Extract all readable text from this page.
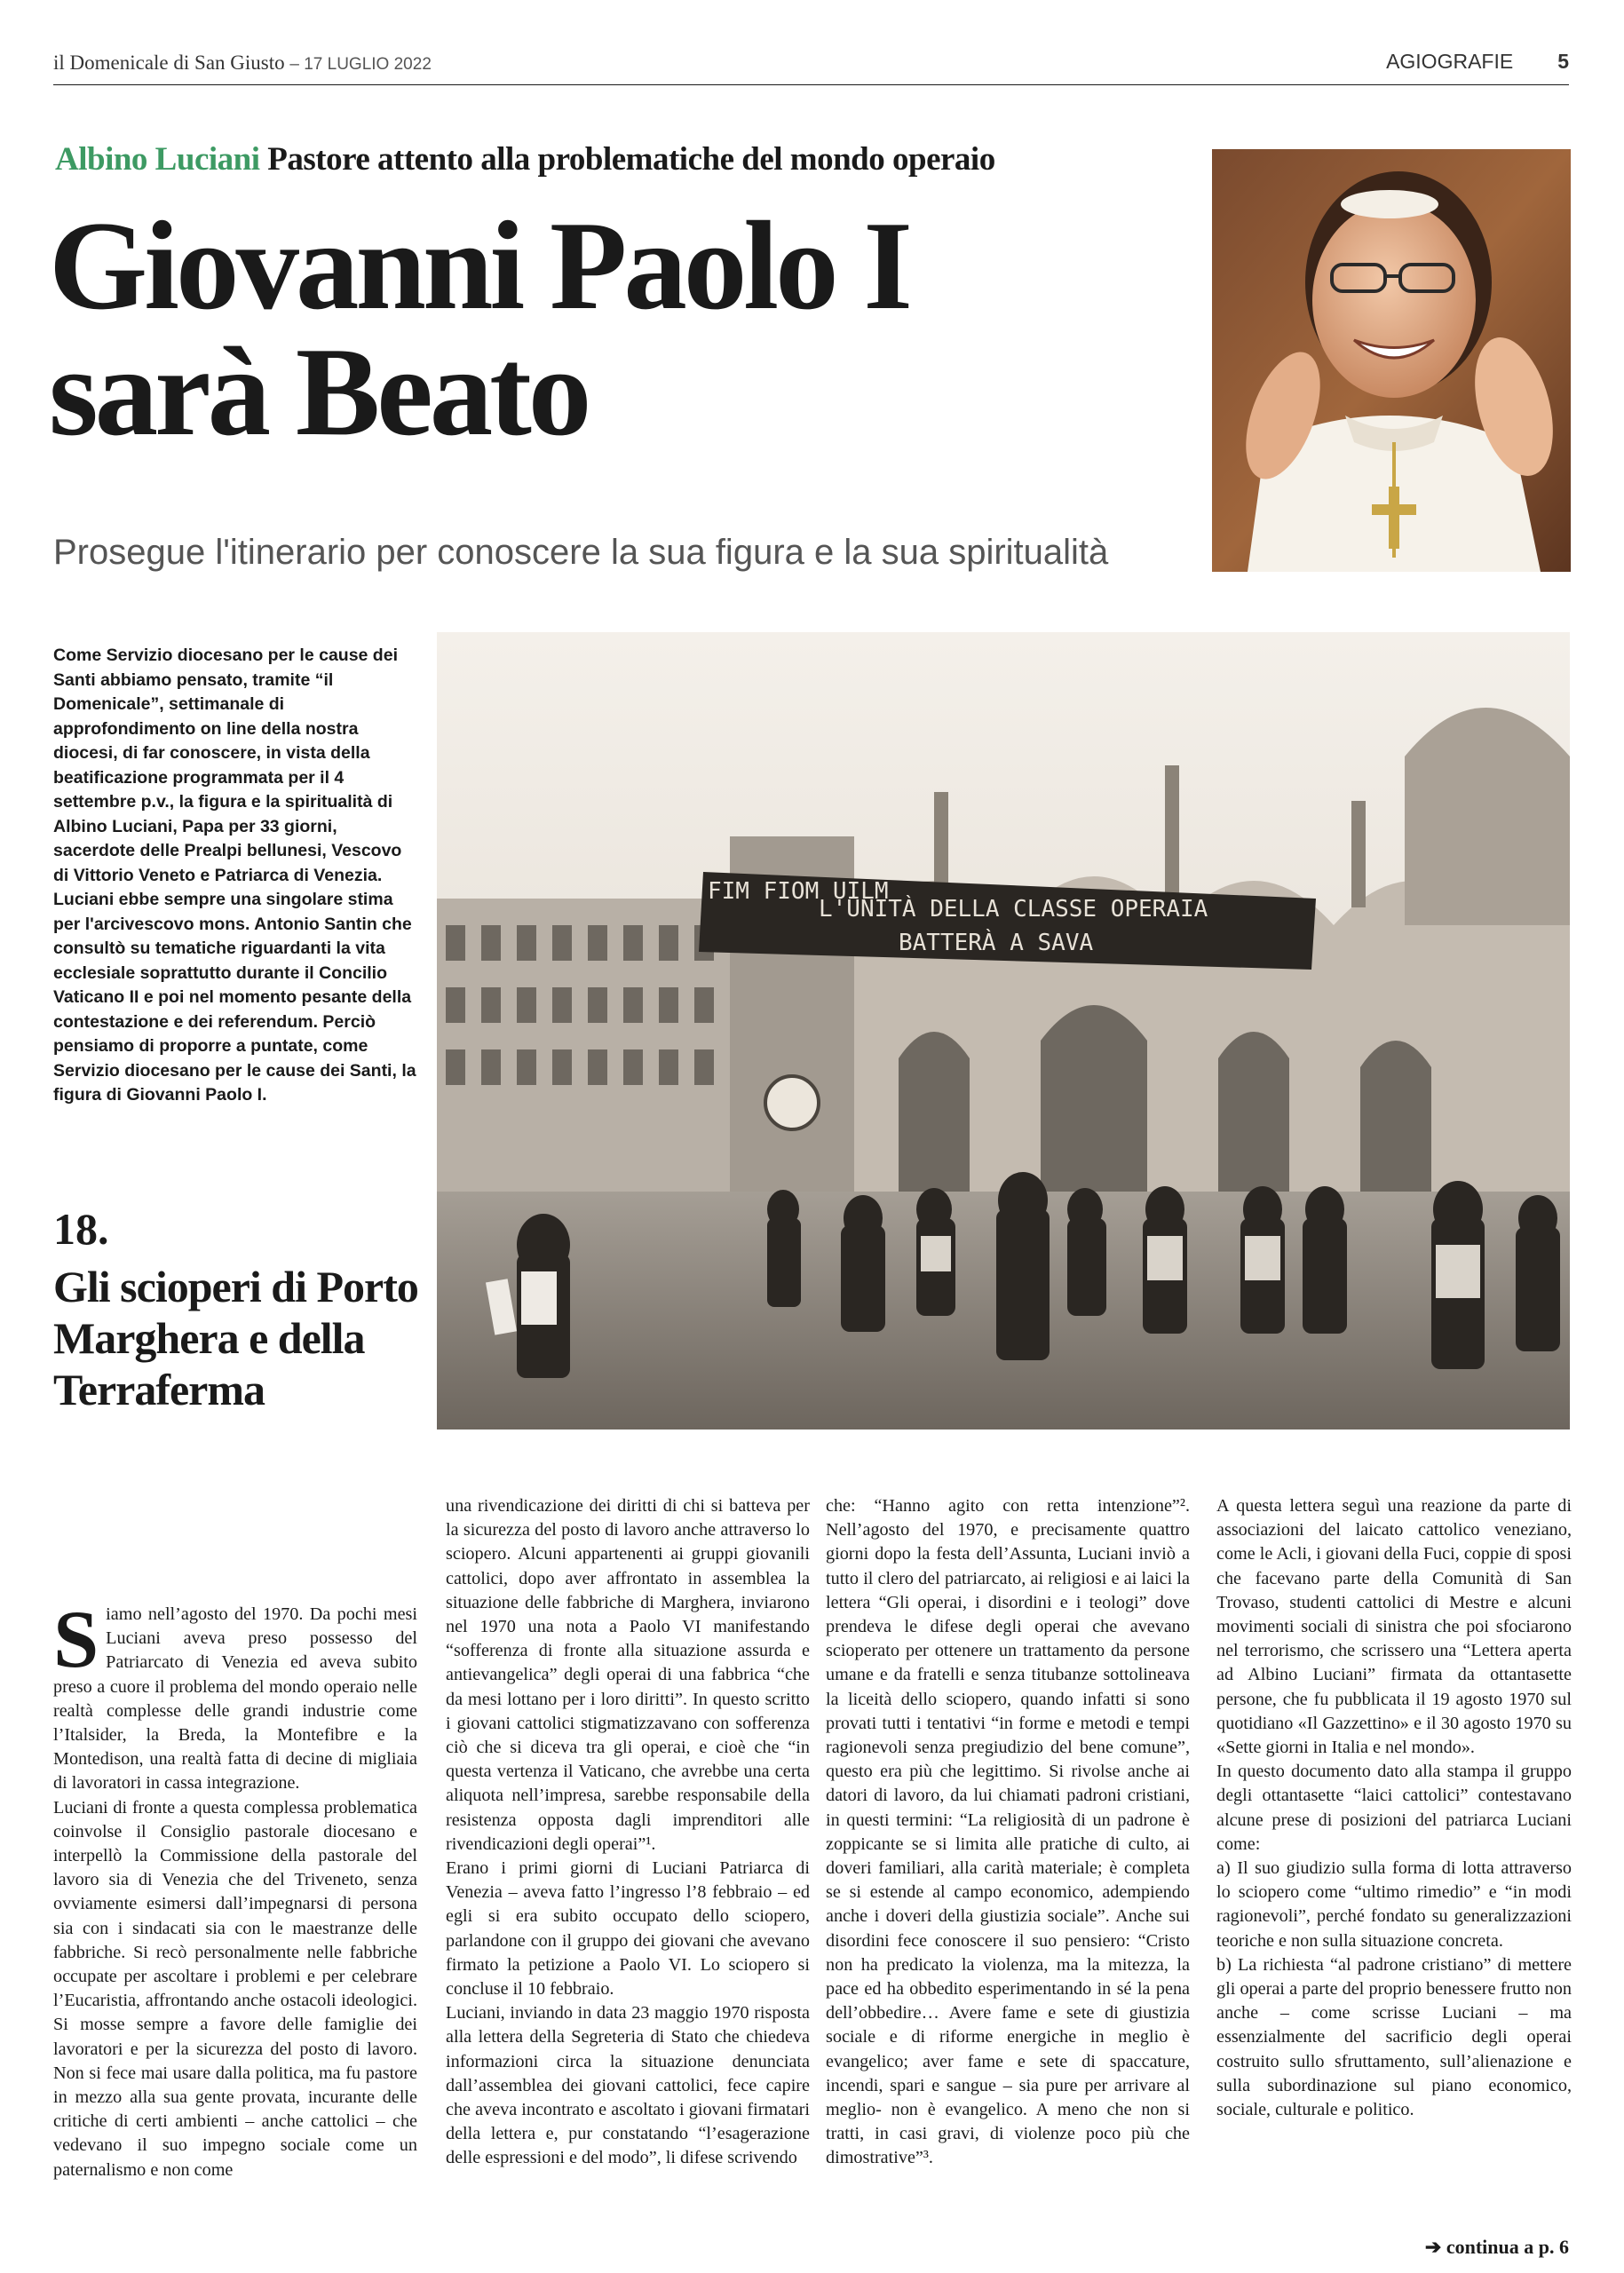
il Domenicale di San Giusto – 17 LUGLIO 2022	AGIOGRAFIE 5
Albino Luciani Pastore attento alla problematiche del mondo operaio
Giovanni Paolo I
sarà Beato
Prosegue l'itinerario per conoscere la sua figura e la sua spiritualità
Come Servizio diocesano per le cause dei Santi abbiamo pensato, tramite “il Domenicale”, settimanale di approfondimento on line della nostra diocesi, di far conoscere, in vista della beatificazione programmata per il 4 settembre p.v., la figura e la spiritualità di Albino Luciani, Papa per 33 giorni, sacerdote delle Prealpi bellunesi, Vescovo di Vittorio Veneto e Patriarca di Venezia. Luciani ebbe sempre una singolare stima per l'arcivescovo mons. Antonio Santin che consultò su tematiche riguardanti la vita ecclesiale soprattutto durante il Concilio Vaticano II e poi nel momento pesante della contestazione e dei referendum. Perciò pensiamo di proporre a puntate, come Servizio diocesano per le cause dei Santi, la figura di Giovanni Paolo I.
FIM FIOM UILM
L'UNITÀ DELLA CLASSE OPERAIA
BATTERÀ A SAVA
18.
Gli scioperi di Porto Marghera e della Terraferma

Siamo nell’agosto del 1970. Da pochi mesi Luciani aveva preso possesso del Patriarcato di Venezia ed aveva subito preso a cuore il problema del mondo operaio nelle realtà complesse delle grandi industrie come l’Italsider, la Breda, la Montefibre e la Montedison, una realtà fatta di decine di migliaia di lavoratori in cassa integrazione.

Luciani di fronte a questa complessa problematica coinvolse il Consiglio pastorale diocesano e interpellò la Commissione della pastorale del lavoro sia di Venezia che del Triveneto, senza ovviamente esimersi dall’impegnarsi di persona sia con i sindacati sia con le maestranze delle fabbriche. Si recò personalmente nelle fabbriche occupate per ascoltare i problemi e per celebrare l’Eucaristia, affrontando anche ostacoli ideologici. Si mosse sempre a favore delle famiglie dei lavoratori e per la sicurezza del posto di lavoro. Non si fece mai usare dalla politica, ma fu pastore in mezzo alla sua gente provata, incurante delle critiche di certi ambienti – anche cattolici – che vedevano il suo impegno sociale come un paternalismo e non come

una rivendicazione dei diritti di chi si batteva per la sicurezza del posto di lavoro anche attraverso lo sciopero. Alcuni appartenenti ai gruppi giovanili cattolici, dopo aver affrontato in assemblea la situazione delle fabbriche di Marghera, inviarono nel 1970 una nota a Paolo VI manifestando “sofferenza di fronte alla situazione assurda e antievangelica” degli operai di una fabbrica “che da mesi lottano per i loro diritti”. In questo scritto i giovani cattolici stigmatizzavano con sofferenza ciò che si diceva tra gli operai, e cioè che “in questa vertenza il Vaticano, che avrebbe una certa aliquota nell’impresa, sarebbe responsabile della resistenza opposta dagli imprenditori alle rivendicazioni degli operai”¹.

Erano i primi giorni di Luciani Patriarca di Venezia – aveva fatto l’ingresso l’8 febbraio – ed egli si era subito occupato dello sciopero, parlandone con il gruppo dei giovani che avevano firmato la petizione a Paolo VI. Lo sciopero si concluse il 10 febbraio.

Luciani, inviando in data 23 maggio 1970 risposta alla lettera della Segreteria di Stato che chiedeva informazioni circa la situazione denunciata dall’assemblea dei giovani cattolici, fece capire che aveva incontrato e ascoltato i giovani firmatari della lettera e, pur constatando “l’esagerazione delle espressioni e del modo”, li difese scrivendo

che: “Hanno agito con retta intenzione”². Nell’agosto del 1970, e precisamente quattro giorni dopo la festa dell’Assunta, Luciani inviò a tutto il clero del patriarcato, ai religiosi e ai laici la lettera “Gli operai, i disordini e i teologi” dove prendeva le difese degli operai che avevano scioperato per ottenere un trattamento da persone umane e da fratelli e senza titubanze sottolineava la liceità dello sciopero, quando infatti si sono provati tutti i tentativi “in forme e metodi e tempi ragionevoli senza pregiudizio del bene comune”, questo era più che legittimo. Si rivolse anche ai datori di lavoro, da lui chiamati padroni cristiani, in questi termini: “La religiosità di un padrone è zoppicante se si limita alle pratiche di culto, ai doveri familiari, alla carità materiale; è completa se si estende al campo economico, adempiendo anche i doveri della giustizia sociale”. Anche sui disordini fece conoscere il suo pensiero: “Cristo non ha predicato la violenza, ma la mitezza, la pace ed ha obbedito esperimentando in sé la pena dell’obbedire… Avere fame e sete di giustizia sociale e di riforme energiche in meglio è evangelico; aver fame e sete di spaccature, incendi, spari e sangue – sia pure per arrivare al meglio- non è evangelico. A meno che non si tratti, in casi gravi, di violenze poco più che dimostrative”³.

A questa lettera seguì una reazione da parte di associazioni del laicato cattolico veneziano, come le Acli, i giovani della Fuci, coppie di sposi che facevano parte della Comunità di San Trovaso, studenti cattolici di Mestre e alcuni movimenti sociali di sinistra che poi sfociarono nel terrorismo, che scrissero una “Lettera aperta ad Albino Luciani” firmata da ottantasette persone, che fu pubblicata il 19 agosto 1970 sul quotidiano «Il Gazzettino» e il 30 agosto 1970 su «Sette giorni in Italia e nel mondo».

In questo documento dato alla stampa il gruppo degli ottantasette “laici cattolici” contestavano alcune prese di posizioni del patriarca Luciani come:

a) Il suo giudizio sulla forma di lotta attraverso lo sciopero come “ultimo rimedio” e “in modi ragionevoli”, perché fondato su generalizzazioni teoriche e non sulla situazione concreta.

b) La richiesta “al padrone cristiano” di mettere gli operai a parte del proprio benessere frutto non anche – come scrisse Luciani – ma essenzialmente del sacrificio degli operai costruito sullo sfruttamento, sull’alienazione e sulla subordinazione sul piano economico, sociale, culturale e politico.

➔ continua a p. 6
